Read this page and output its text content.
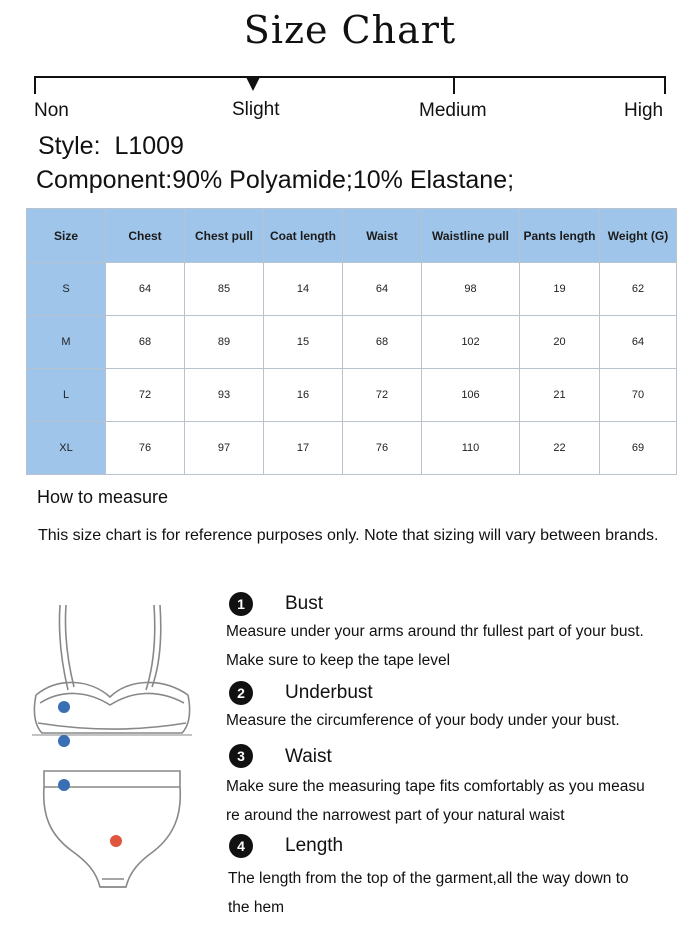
Size Chart
Non	Slight	Medium	High
Style: L1009
Component:90% Polyamide;10% Elastane;
Size	Chest	Chest pull	Coat length	Waist	Waistline pull	Pants length	Weight (G)
S	64	85	14	64	98	19	62
M	68	89	15	68	102	20	64
L	72	93	16	72	106	21	70
XL	76	97	17	76	110	22	69
How to measure
This size chart is for reference purposes only. Note that sizing will vary between brands.
1	Bust
Measure under your arms around thr fullest part of your bust.
Make sure to keep the tape level
2	Underbust
Measure the circumference of your body under your bust.
3	Waist
Make sure the measuring tape fits comfortably as you measu
re around the narrowest part of your natural waist
4	Length
The length from the top of the garment,all the way down to
the hem
